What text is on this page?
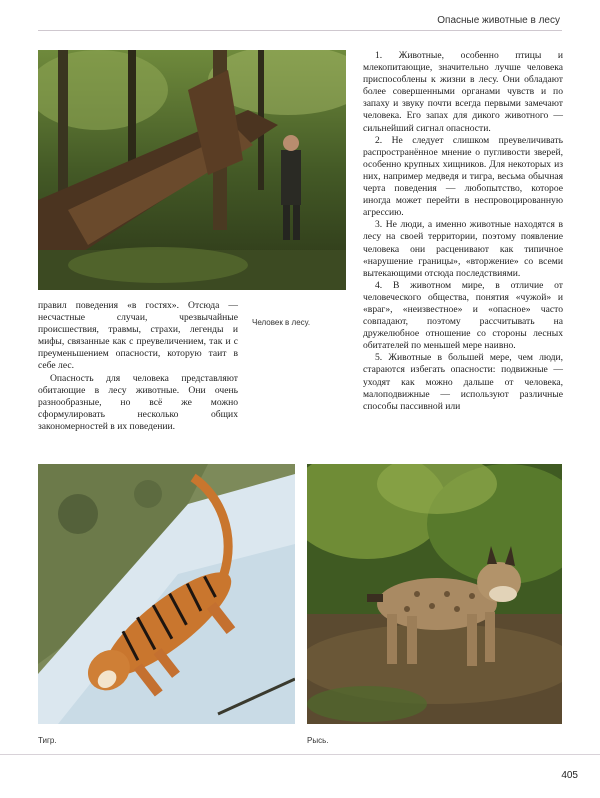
Опасные животные в лесу
Человек в лесу.

правил поведения «в гостях». Отсюда — несчастные случаи, чрезвычайные происшествия, травмы, страхи, легенды и мифы, связанные как с преувеличением, так и с преуменьшением опасности, которую таит в себе лес.

Опасность для человека представляют обитающие в лесу животные. Они очень разнообразные, но всё же можно сформулировать несколько общих закономерностей в их поведении.

1. Животные, особенно птицы и млекопитающие, значительно лучше человека приспособлены к жизни в лесу. Они обладают более совершенными органами чувств и по запаху и звуку почти всегда первыми замечают человека. Его запах для дикого животного — сильнейший сигнал опасности.

2. Не следует слишком преувеличивать распространённое мнение о пугливости зверей, особенно крупных хищников. Для некоторых из них, например медведя и тигра, весьма обычная черта поведения — любопытство, которое иногда может перейти в неспровоцированную агрессию.

3. Не люди, а именно животные находятся в лесу на своей территории, поэтому появление человека они расценивают как типичное «нарушение границы», «вторжение» со всеми вытекающими отсюда последствиями.

4. В животном мире, в отличие от человеческого общества, понятия «чужой» и «враг», «неизвестное» и «опасное» часто совпадают, поэтому рассчитывать на дружелюбное отношение со стороны лесных обитателей по меньшей мере наивно.

5. Животные в большей мере, чем люди, стараются избегать опасности: подвижные — уходят как можно дальше от человека, малоподвижные — используют различные способы пассивной или

Тигр.	Рысь.
405
